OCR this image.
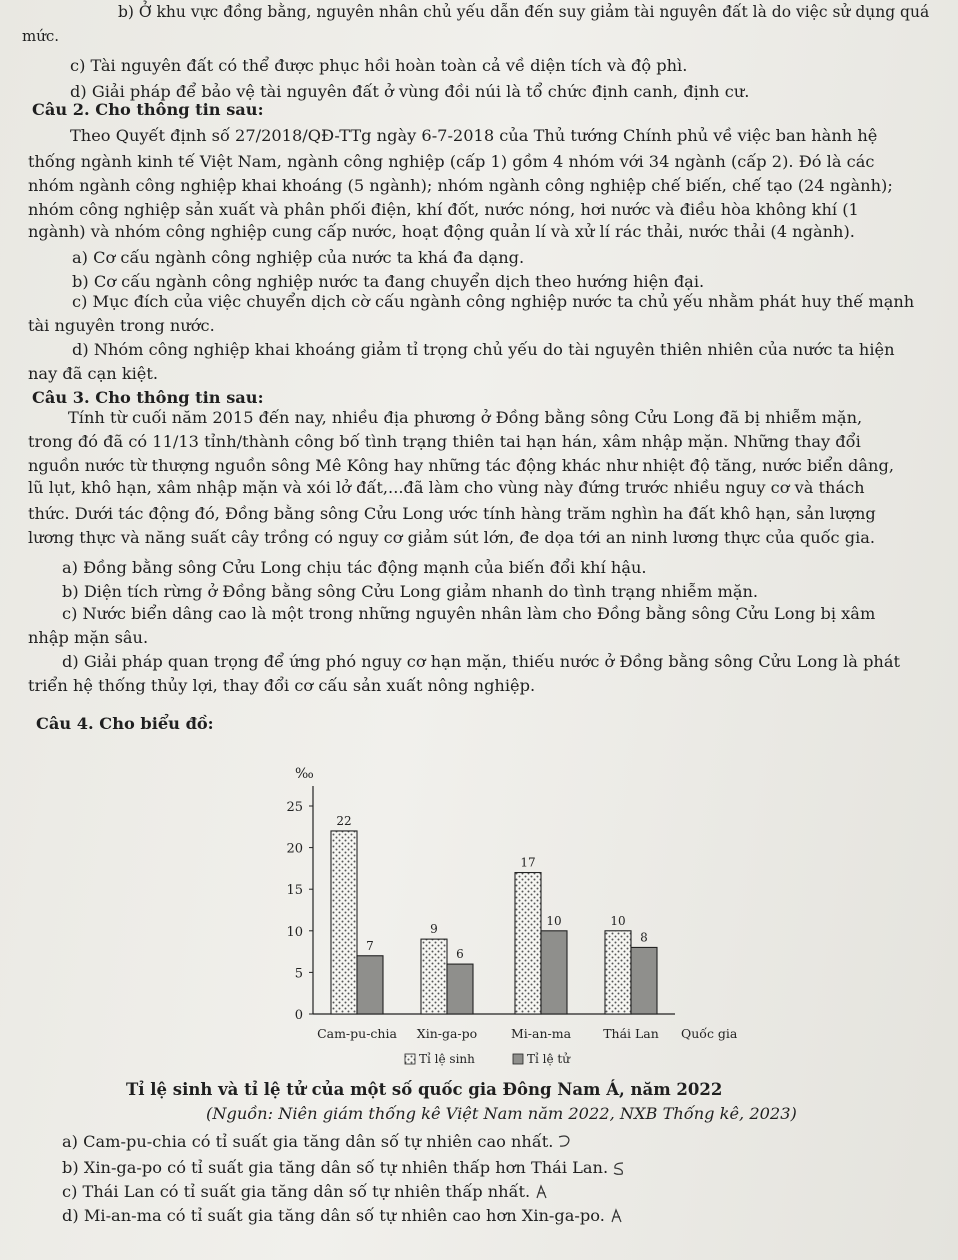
b) Ở khu vực đồng bằng, nguyên nhân chủ yếu dẫn đến suy giảm tài nguyên đất là do việc sử dụng quá
mức.
c) Tài nguyên đất có thể được phục hồi hoàn toàn cả về diện tích và độ phì.
d) Giải pháp để bảo vệ tài nguyên đất ở vùng đồi núi là tổ chức định canh, định cư.
Câu 2. Cho thông tin sau:
Theo Quyết định số 27/2018/QĐ-TTg ngày 6-7-2018 của Thủ tướng Chính phủ về việc ban hành hệ
thống ngành kinh tế Việt Nam, ngành công nghiệp (cấp 1) gồm 4 nhóm với 34 ngành (cấp 2). Đó là các
nhóm ngành công nghiệp khai khoáng (5 ngành); nhóm ngành công nghiệp chế biến, chế tạo (24 ngành);
nhóm công nghiệp sản xuất và phân phối điện, khí đốt, nước nóng, hơi nước và điều hòa không khí (1
ngành) và nhóm công nghiệp cung cấp nước, hoạt động quản lí và xử lí rác thải, nước thải (4 ngành).
a) Cơ cấu ngành công nghiệp của nước ta khá đa dạng.
b) Cơ cấu ngành công nghiệp nước ta đang chuyển dịch theo hướng hiện đại.
c) Mục đích của việc chuyển dịch cờ cấu ngành công nghiệp nước ta chủ yếu nhằm phát huy thế mạnh
tài nguyên trong nước.
d) Nhóm công nghiệp khai khoáng giảm tỉ trọng chủ yếu do tài nguyên thiên nhiên của nước ta hiện
nay đã cạn kiệt.
Câu 3. Cho thông tin sau:
Tính từ cuối năm 2015 đến nay, nhiều địa phương ở Đồng bằng sông Cửu Long đã bị nhiễm mặn,
trong đó đã có 11/13 tỉnh/thành công bố tình trạng thiên tai hạn hán, xâm nhập mặn. Những thay đổi
nguồn nước từ thượng nguồn sông Mê Kông hay những tác động khác như nhiệt độ tăng, nước biển dâng,
lũ lụt, khô hạn, xâm nhập mặn và xói lở đất,...đã làm cho vùng này đứng trước nhiều nguy cơ và thách
thức. Dưới tác động đó, Đồng bằng sông Cửu Long ước tính hàng trăm nghìn ha đất khô hạn, sản lượng
lương thực và năng suất cây trồng có nguy cơ giảm sút lớn, đe dọa tới an ninh lương thực của quốc gia.
a) Đồng bằng sông Cửu Long chịu tác động mạnh của biến đổi khí hậu.
b) Diện tích rừng ở Đồng bằng sông Cửu Long giảm nhanh do tình trạng nhiễm mặn.
c) Nước biển dâng cao là một trong những nguyên nhân làm cho Đồng bằng sông Cửu Long bị xâm
nhập mặn sâu.
d) Giải pháp quan trọng để ứng phó nguy cơ hạn mặn, thiếu nước ở Đồng bằng sông Cửu Long là phát
triển hệ thống thủy lợi, thay đổi cơ cấu sản xuất nông nghiệp.
Câu 4. Cho biểu đồ:
‰
0
5
10
15
20
25
22
7
Cam-pu-chia
9
6
Xin-ga-po
17
10
Mi-an-ma
10
8
Thái Lan Quốc gia
Tỉ lệ sinh	Tỉ lệ tử
Tỉ lệ sinh và tỉ lệ tử của một số quốc gia Đông Nam Á, năm 2022
(Nguồn: Niên giám thống kê Việt Nam năm 2022, NXB Thống kê, 2023)
a) Cam-pu-chia có tỉ suất gia tăng dân số tự nhiên cao nhất.
b) Xin-ga-po có tỉ suất gia tăng dân số tự nhiên thấp hơn Thái Lan.
c) Thái Lan có tỉ suất gia tăng dân số tự nhiên thấp nhất.
d) Mi-an-ma có tỉ suất gia tăng dân số tự nhiên cao hơn Xin-ga-po.
